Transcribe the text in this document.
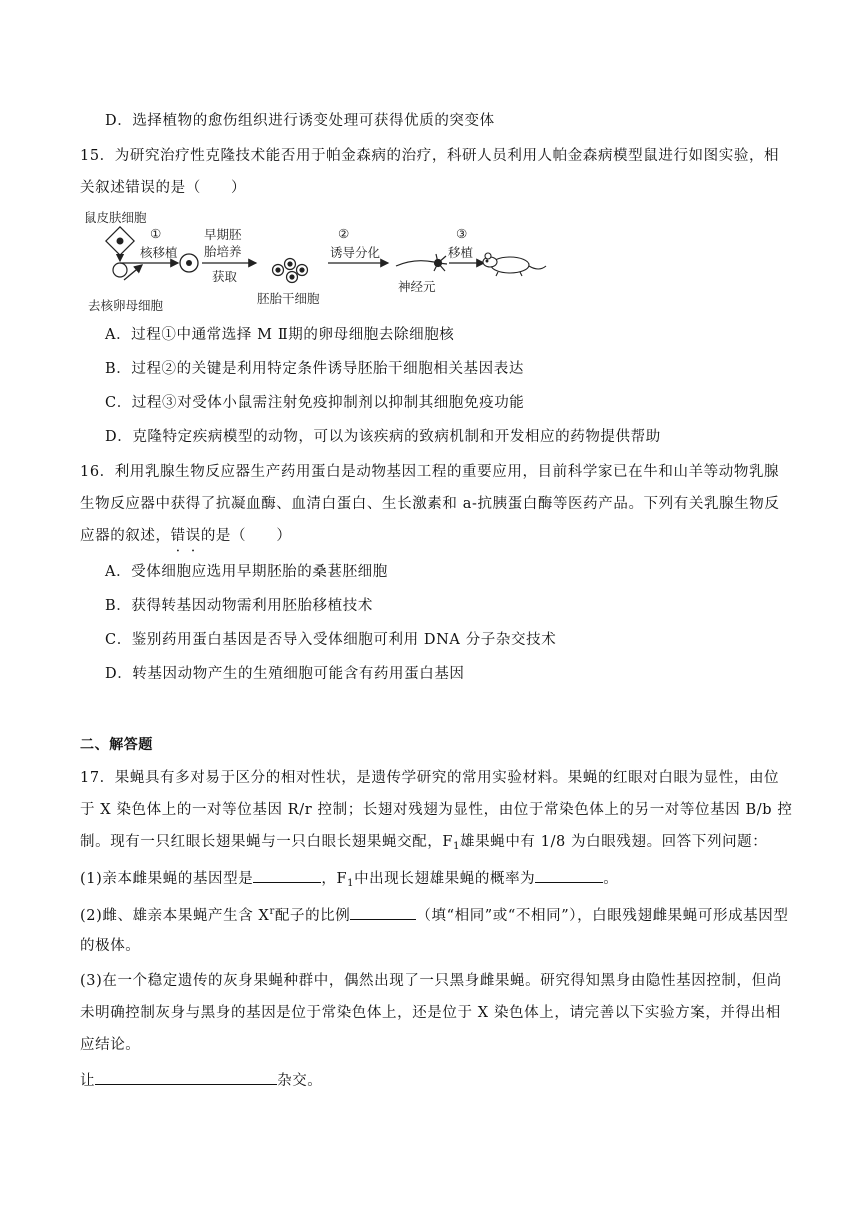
D．选择植物的愈伤组织进行诱变处理可获得优质的突变体
15．为研究治疗性克隆技术能否用于帕金森病的治疗，科研人员利用人帕金森病模型鼠进行如图实验，相
关叙述错误的是（　　）
鼠皮肤细胞
去核卵母细胞
①
核移植
早期胚
胎培养
获取
胚胎干细胞
②
诱导分化
神经元
③
移植
A．过程①中通常选择 M Ⅱ期的卵母细胞去除细胞核
B．过程②的关键是利用特定条件诱导胚胎干细胞相关基因表达
C．过程③对受体小鼠需注射免疫抑制剂以抑制其细胞免疫功能
D．克隆特定疾病模型的动物，可以为该疾病的致病机制和开发相应的药物提供帮助
16．利用乳腺生物反应器生产药用蛋白是动物基因工程的重要应用，目前科学家已在牛和山羊等动物乳腺
生物反应器中获得了抗凝血酶、血清白蛋白、生长激素和 a-抗胰蛋白酶等医药产品。下列有关乳腺生物反
应器的叙述，错误的是（　　）
A．受体细胞应选用早期胚胎的桑葚胚细胞
B．获得转基因动物需利用胚胎移植技术
C．鉴别药用蛋白基因是否导入受体细胞可利用 DNA 分子杂交技术
D．转基因动物产生的生殖细胞可能含有药用蛋白基因
二、解答题
17．果蝇具有多对易于区分的相对性状，是遗传学研究的常用实验材料。果蝇的红眼对白眼为显性，由位
于 X 染色体上的一对等位基因 R/r 控制；长翅对残翅为显性，由位于常染色体上的另一对等位基因 B/b 控
制。现有一只红眼长翅果蝇与一只白眼长翅果蝇交配，$F_1$雄果蝇中有 1/8 为白眼残翅。回答下列问题：
(1)亲本雌果蝇的基因型是	，$F_1$中出现长翅雄果蝇的概率为	。
(2)雌、雄亲本果蝇产生含 $X^r$配子的比例	（填“相同”或“不相同”），白眼残翅雌果蝇可形成基因型
的极体。
(3)在一个稳定遗传的灰身果蝇种群中，偶然出现了一只黑身雌果蝇。研究得知黑身由隐性基因控制，但尚
未明确控制灰身与黑身的基因是位于常染色体上，还是位于 X 染色体上，请完善以下实验方案，并得出相
应结论。
让	杂交。
